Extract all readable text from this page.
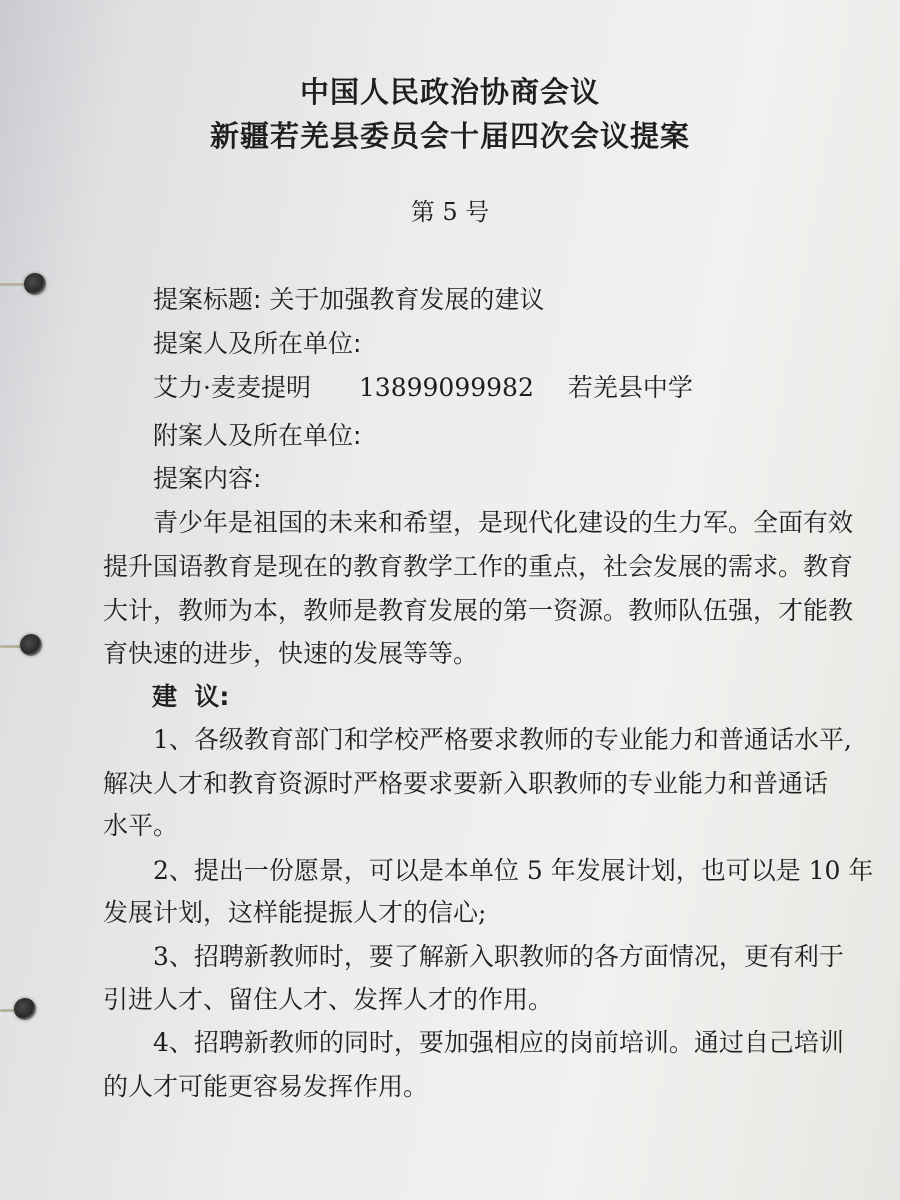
中国人民政治协商会议
新疆若羌县委员会十届四次会议提案
第 5 号
提案标题: 关于加强教育发展的建议
提案人及所在单位:
艾力·麦麦提明 13899099982 若羌县中学
附案人及所在单位:
提案内容:
青少年是祖国的未来和希望，是现代化建设的生力军。全面有效
提升国语教育是现在的教育教学工作的重点，社会发展的需求。教育
大计，教师为本，教师是教育发展的第一资源。教师队伍强，才能教
育快速的进步，快速的发展等等。
建  议:
1、各级教育部门和学校严格要求教师的专业能力和普通话水平,
解决人才和教育资源时严格要求要新入职教师的专业能力和普通话
水平。
2、提出一份愿景，可以是本单位 5 年发展计划，也可以是 10 年
发展计划，这样能提振人才的信心;
3、招聘新教师时，要了解新入职教师的各方面情况，更有利于
引进人才、留住人才、发挥人才的作用。
4、招聘新教师的同时，要加强相应的岗前培训。通过自己培训
的人才可能更容易发挥作用。
